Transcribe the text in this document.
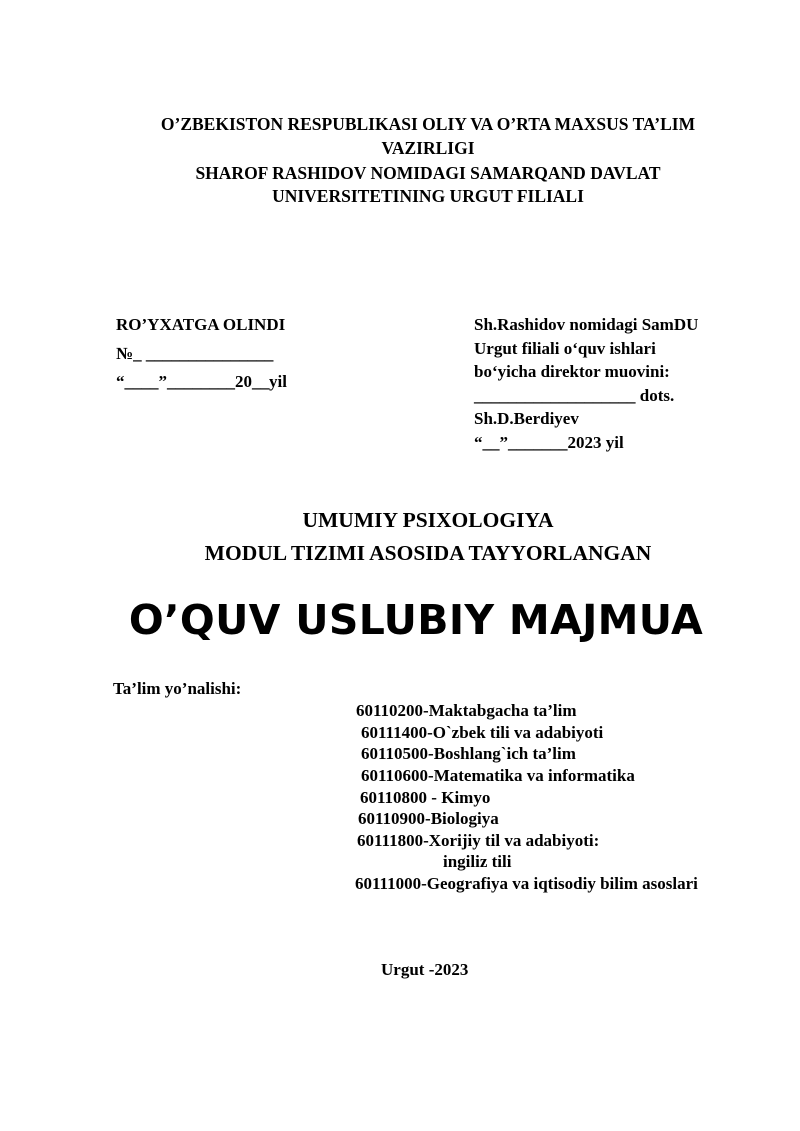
O’ZBEKISTON RESPUBLIKASI OLIY VA O’RTA MAXSUS TA’LIM
VAZIRLIGI
SHAROF RASHIDOV NOMIDAGI SAMARQAND DAVLAT
UNIVERSITETINING URGUT FILIALI
RO’YXATGA OLINDI
№_ _______________
“____”________20__yil
Sh.Rashidov nomidagi SamDU
Urgut filiali o‘quv ishlari
bo‘yicha direktor muovini:
___________________ dots.
Sh.D.Berdiyev
“__”_______2023 yil
UMUMIY PSIXOLOGIYA
MODUL TIZIMI ASOSIDA TAYYORLANGAN
O’QUV USLUBIY MAJMUA
Ta’lim yo’nalishi:
60110200-Maktabgacha ta’lim
60111400-O`zbek tili va adabiyoti
60110500-Boshlang`ich ta’lim
60110600-Matematika va informatika
60110800 - Kimyo
60110900-Biologiya
60111800-Xorijiy til va adabiyoti:
ingiliz tili
60111000-Geografiya va iqtisodiy bilim asoslari
Urgut -2023
